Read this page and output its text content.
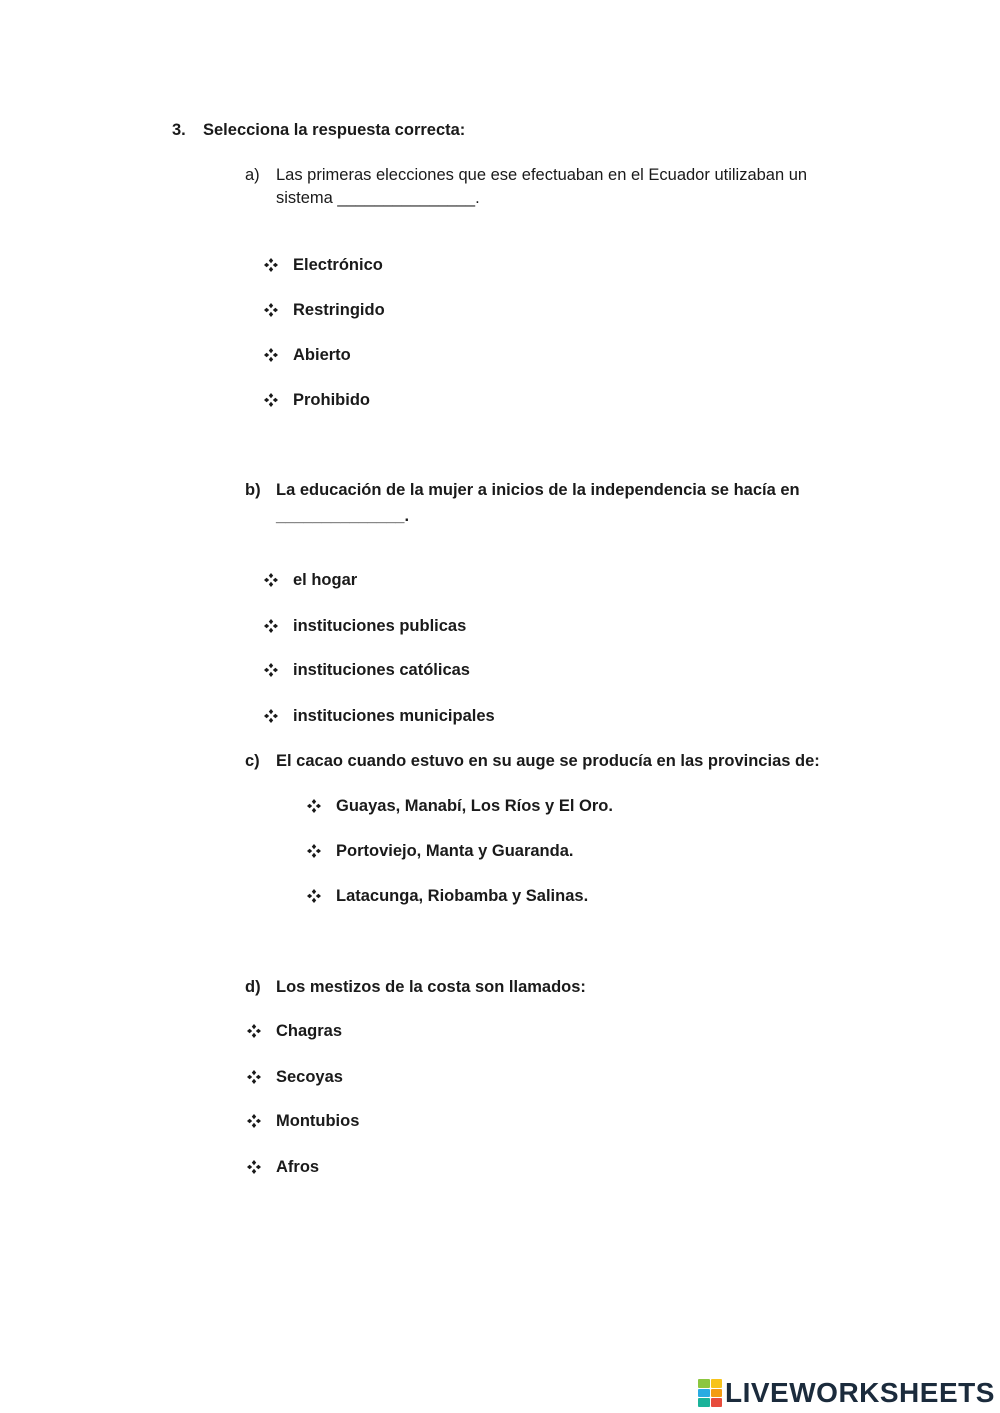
3. Selecciona la respuesta correcta:
a) Las primeras elecciones que ese efectuaban en el Ecuador utilizaban un
sistema _______________.
Electrónico
Restringido
Abierto
Prohibido
b) La educación de la mujer a inicios de la independencia se hacía en
______________.
el hogar
instituciones publicas
instituciones católicas
instituciones municipales
c) El cacao cuando estuvo en su auge se producía en las provincias de:
Guayas, Manabí, Los Ríos y El Oro.
Portoviejo, Manta y Guaranda.
Latacunga, Riobamba y Salinas.
d) Los mestizos de la costa son llamados:
Chagras
Secoyas
Montubios
Afros
LIVEWORKSHEETS
